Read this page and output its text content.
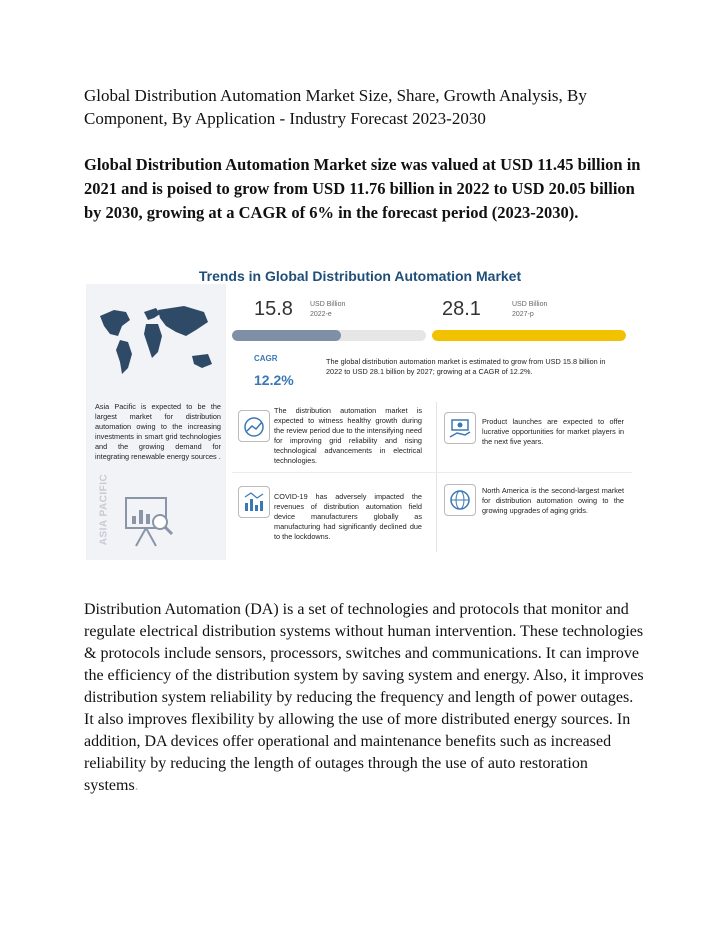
Global Distribution Automation Market Size, Share, Growth Analysis, By Component, By Application - Industry Forecast 2023-2030
Global Distribution Automation Market size was valued at USD 11.45 billion in 2021 and is poised to grow from USD 11.76 billion in 2022 to USD 20.05 billion by 2030, growing at a CAGR of 6% in the forecast period (2023-2030).
Trends in Global Distribution Automation Market
Asia Pacific is expected to be the largest market for distribution automation owing to the increasing investments in smart grid technologies and the growing demand for integrating renewable energy sources .
ASIA PACIFIC
15.8 USD Billion
2022-e	28.1	USD Billion
2027-p
CAGR
12.2%
The global distribution automation market is estimated to grow from USD 15.8 billion in 2022 to USD 28.1 billion by 2027; growing at a CAGR of 12.2%.
The distribution automation market is expected to witness healthy growth during the review period due to the intensifying need for improving grid reliability and rising technological advancements in electrical technologies.
Product launches are expected to offer lucrative opportunities for market players in the next five years.
COVID-19 has adversely impacted the revenues of distribution automation field device manufacturers globally as manufacturing had significantly declined due to the lockdowns.
North America is the second-largest market for distribution automation owing to the growing upgrades of aging grids.
Distribution Automation (DA) is a set of technologies and protocols that monitor and regulate electrical distribution systems without human intervention. These technologies & protocols include sensors, processors, switches and communications. It can improve the efficiency of the distribution system by saving system and energy. Also, it improves distribution system reliability by reducing the frequency and length of power outages. It also improves flexibility by allowing the use of more distributed energy sources. In addition, DA devices offer operational and maintenance benefits such as increased reliability by reducing the length of outages through the use of auto restoration systems.
